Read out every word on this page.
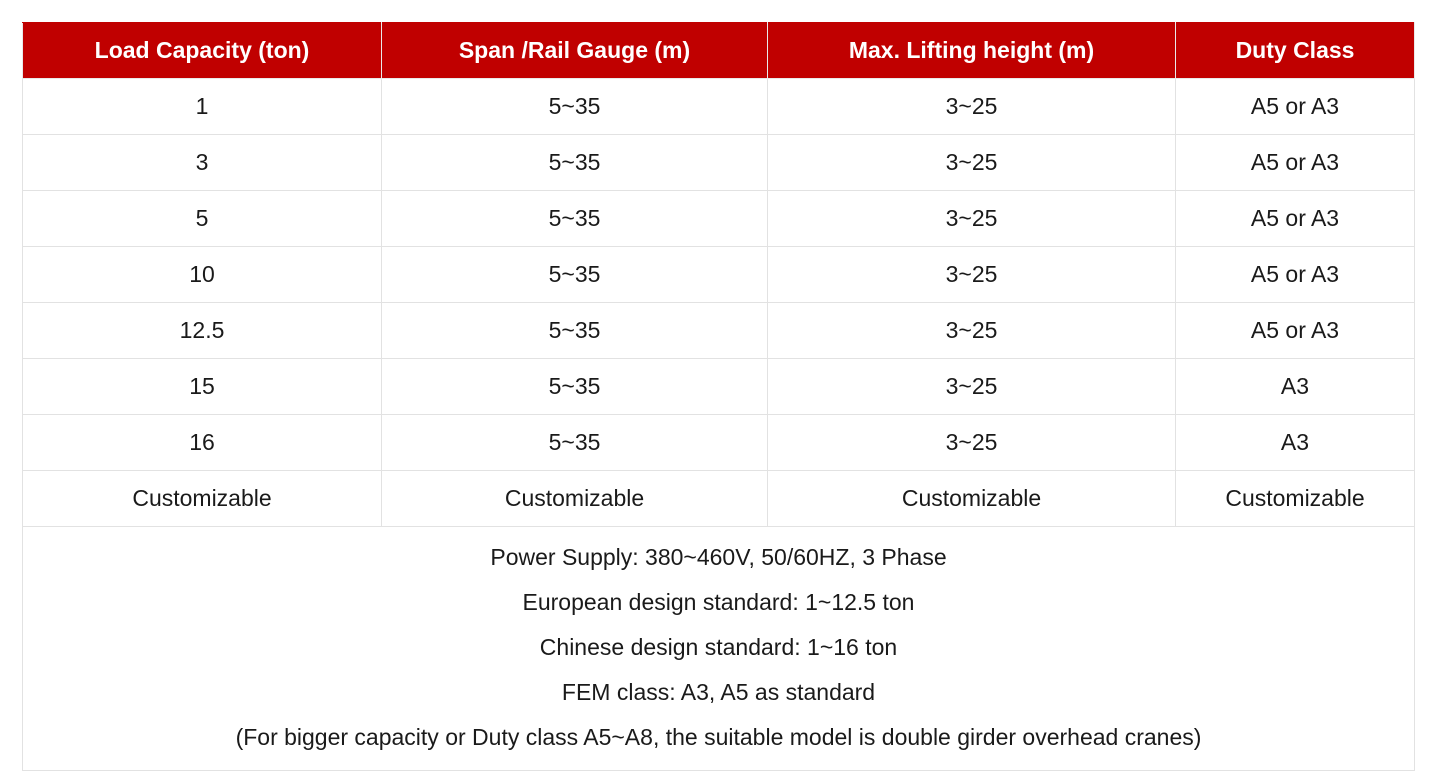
Load Capacity (ton)	Span /Rail Gauge (m)	Max. Lifting height (m)	Duty Class
1	5~35	3~25	A5 or A3
3	5~35	3~25	A5 or A3
5	5~35	3~25	A5 or A3
10	5~35	3~25	A5 or A3
12.5	5~35	3~25	A5 or A3
15	5~35	3~25	A3
16	5~35	3~25	A3
Customizable	Customizable	Customizable	Customizable

Power Supply: 380~460V, 50/60HZ, 3 Phase
European design standard: 1~12.5 ton
Chinese design standard: 1~16 ton
FEM class: A3, A5 as standard
(For bigger capacity or Duty class A5~A8, the suitable model is double girder overhead cranes)			
